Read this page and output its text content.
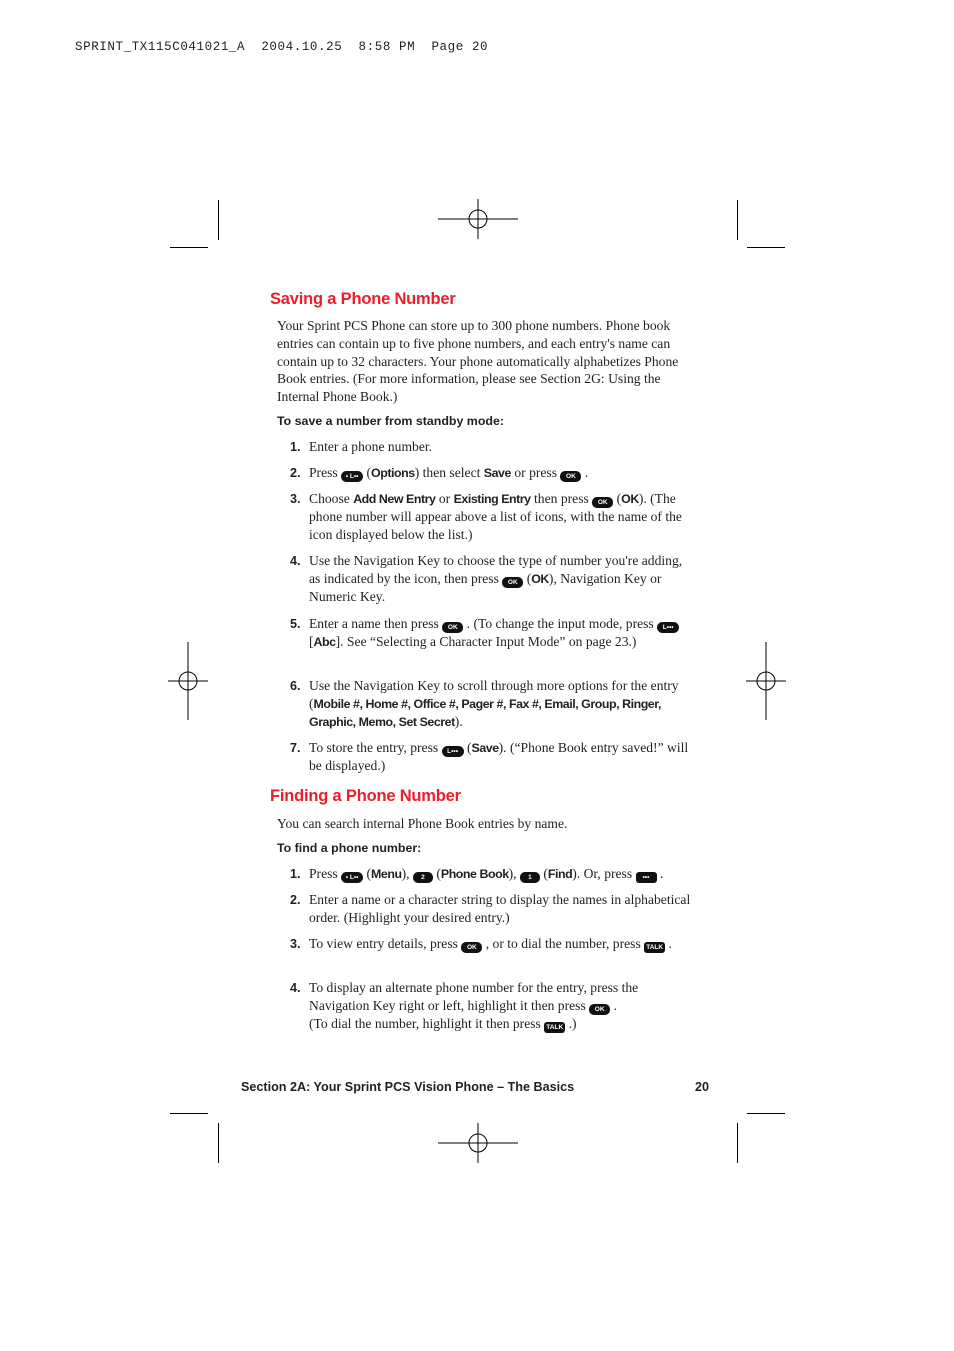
SPRINT_TX115C041021_A  2004.10.25  8:58 PM  Page 20
Saving a Phone Number

Your Sprint PCS Phone can store up to 300 phone numbers. Phone book entries can contain up to five phone numbers, and each entry's name can contain up to 32 characters. Your phone automatically alphabetizes Phone Book entries. (For more information, please see Section 2G: Using the Internal Phone Book.)

To save a number from standby mode:

1. Enter a phone number.
2. Press • L•• (Options) then select Save or press OK .
3. Choose Add New Entry or Existing Entry then press OK (OK). (The phone number will appear above a list of icons, with the name of the icon displayed below the list.)
4. Use the Navigation Key to choose the type of number you're adding, as indicated by the icon, then press OK (OK), Navigation Key or Numeric Key.
5. Enter a name then press OK . (To change the input mode, press L••• [Abc]. See “Selecting a Character Input Mode” on page 23.)
6. Use the Navigation Key to scroll through more options for the entry (Mobile #, Home #, Office #, Pager #, Fax #, Email, Group, Ringer, Graphic, Memo, Set Secret).
7. To store the entry, press L••• (Save). (“Phone Book entry saved!” will be displayed.)
Finding a Phone Number

You can search internal Phone Book entries by name.

To find a phone number:

1. Press • L•• (Menu), 2 (Phone Book), 1 (Find). Or, press ••• .
2. Enter a name or a character string to display the names in alphabetical order. (Highlight your desired entry.)
3. To view entry details, press OK , or to dial the number, press TALK .
4. To display an alternate phone number for the entry, press the Navigation Key right or left, highlight it then press OK .
(To dial the number, highlight it then press TALK .)
Section 2A: Your Sprint PCS Vision Phone – The Basics	20
